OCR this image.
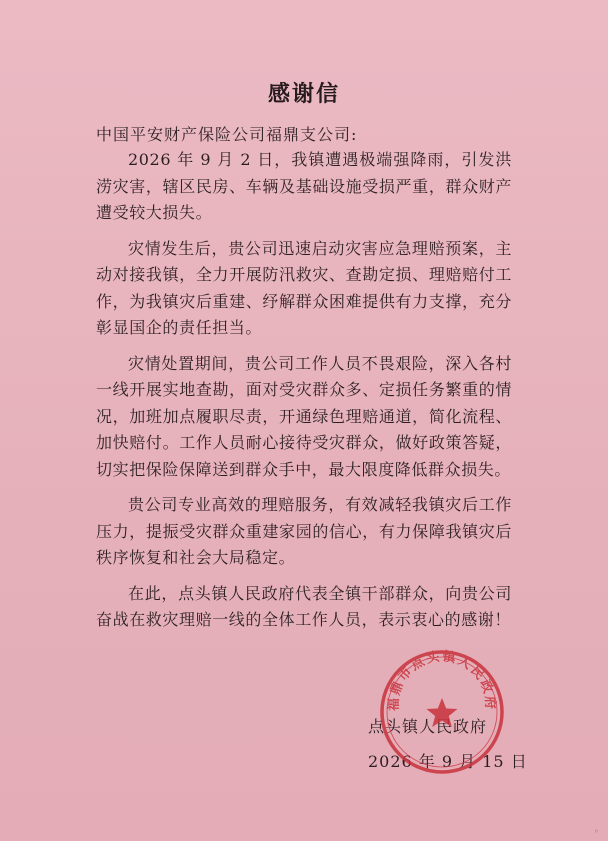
感谢信
中国平安财产保险公司福鼎支公司:

2026 年 9 月 2 日，我镇遭遇极端强降雨，引发洪涝灾害，辖区民房、车辆及基础设施受损严重，群众财产遭受较大损失。

灾情发生后，贵公司迅速启动灾害应急理赔预案，主动对接我镇，全力开展防汛救灾、查勘定损、理赔赔付工作，为我镇灾后重建、纾解群众困难提供有力支撑，充分彰显国企的责任担当。

灾情处置期间，贵公司工作人员不畏艰险，深入各村一线开展实地查勘，面对受灾群众多、定损任务繁重的情况，加班加点履职尽责，开通绿色理赔通道，简化流程、加快赔付。工作人员耐心接待受灾群众，做好政策答疑，切实把保险保障送到群众手中，最大限度降低群众损失。

贵公司专业高效的理赔服务，有效减轻我镇灾后工作压力，提振受灾群众重建家园的信心，有力保障我镇灾后秩序恢复和社会大局稳定。

在此，点头镇人民政府代表全镇干部群众，向贵公司奋战在救灾理赔一线的全体工作人员，表示衷心的感谢！

点头镇人民政府
2026 年 9 月 15 日
福鼎市点头镇人民政府
◦
